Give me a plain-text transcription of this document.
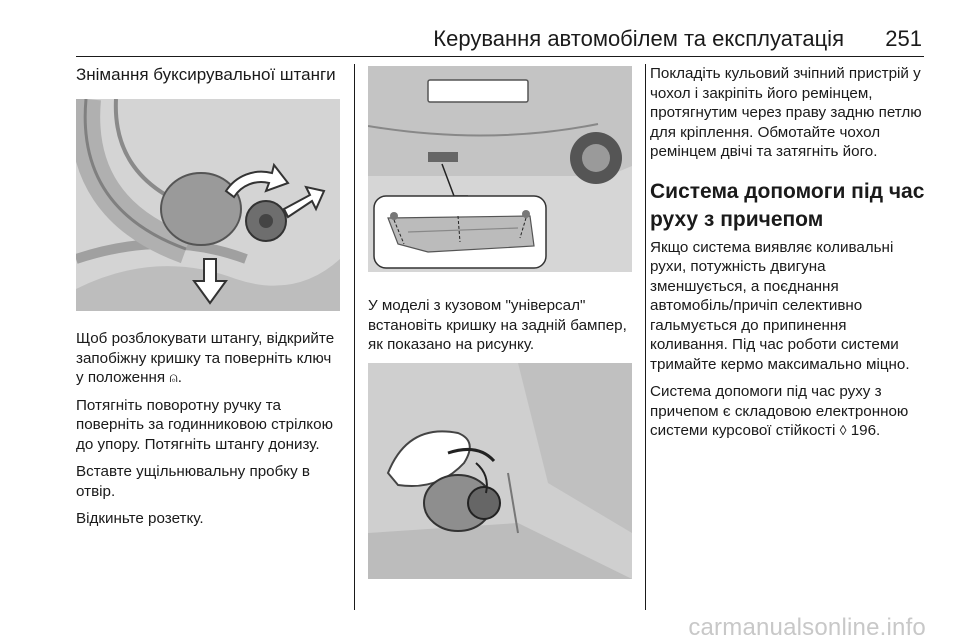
Керування автомобілем та експлуатація 251
Знімання буксирувальної штанги

Щоб розблокувати штангу, відкрийте запобіжну кришку та поверніть ключ у положення ⍝.

Потягніть поворотну ручку та поверніть за годинниковою стрілкою до упору. Потягніть штангу донизу.

Вставте ущільнювальну пробку в отвір.

Відкиньте розетку.

У моделі з кузовом "універсал" встановіть кришку на задній бампер, як показано на рисунку.

Покладіть кульовий зчіпний пристрій у чохол і закріпіть його ремінцем, протягнутим через праву задню петлю для кріплення. Обмотайте чохол ремінцем двічі та затягніть його.

Система допомоги під час руху з причепом

Якщо система виявляє коливальні рухи, потужність двигуна зменшується, а поєднання автомобіль/причіп селективно гальмується до припинення коливання. Під час роботи системи тримайте кермо максимально міцно.

Система допомоги під час руху з причепом є складовою електронною системи курсової стійкості ◊ 196.

carmanualsonline.info
